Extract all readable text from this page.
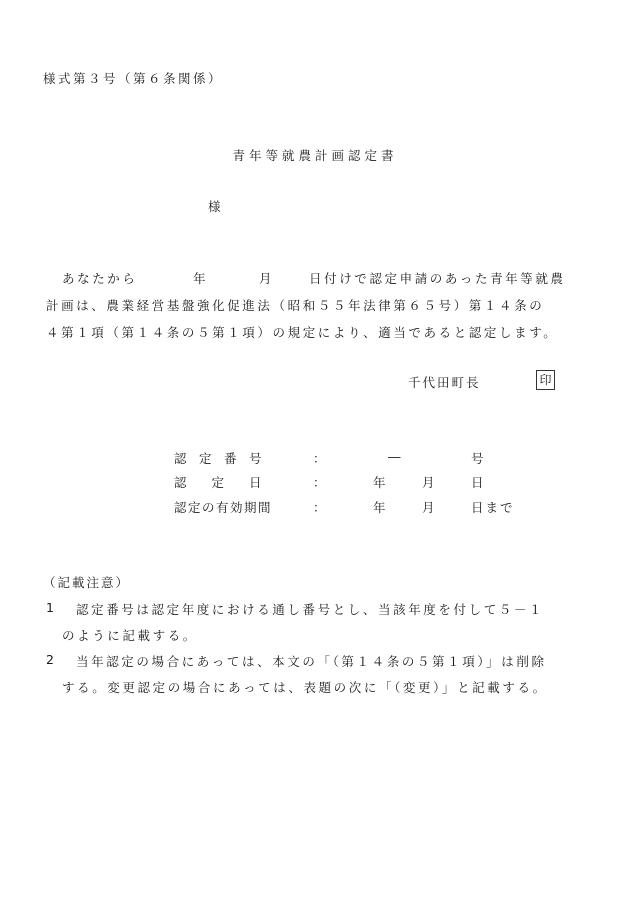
様式第３号（第６条関係）
青年等就農計画認定書
様
あなたから	年	月	日付けで認定申請のあった青年等就農
計画は、農業経営基盤強化促進法（昭和５５年法律第６５号）第１４条の
４第１項（第１４条の５第１項）の規定により、適当であると認定します。
千代田町長	印
認　定　番　号	：	―	号
認　　定　　日	：	年	月	日
認定の有効期間	：	年	月	日まで
（記載注意）
1 認定番号は認定年度における通し番号とし、当該年度を付して５－１
のように記載する。
2 当年認定の場合にあっては、本文の「（第１４条の５第１項）」は削除
する。変更認定の場合にあっては、表題の次に「（変更）」と記載する。
